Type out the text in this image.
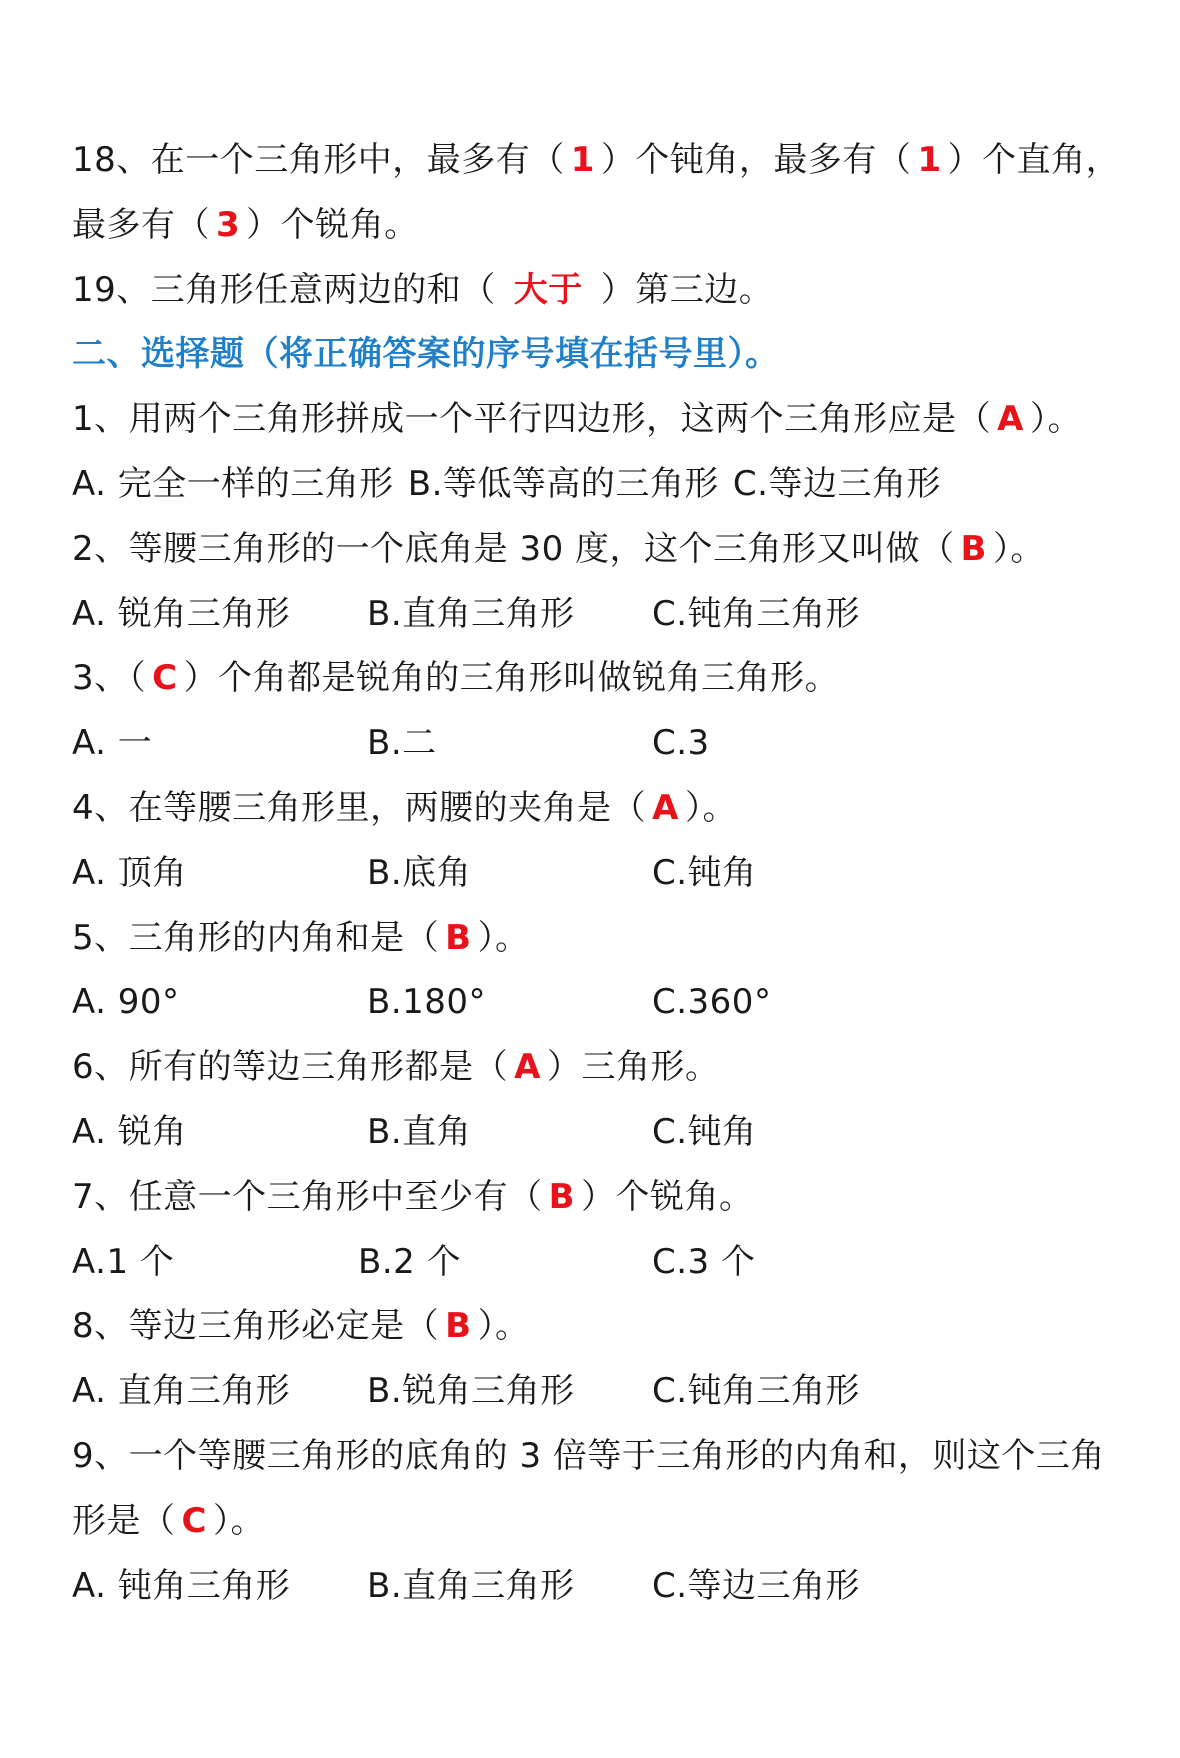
18、在一个三角形中，最多有（ 1 ）个钝角，最多有（ 1 ）个直角，
最多有（ 3 ）个锐角。
19、三角形任意两边的和（ 大于 ）第三边。
二、选择题（将正确答案的序号填在括号里）。
1、用两个三角形拼成一个平行四边形，这两个三角形应是（ A ）。
A. 完全一样的三角形 B.等低等高的三角形 C.等边三角形
2、等腰三角形的一个底角是 30 度，这个三角形又叫做（ B ）。
A. 锐角三角形	B.直角三角形	C.钝角三角形
3、（ C ）个角都是锐角的三角形叫做锐角三角形。
A. 一	B.二	C.3
4、在等腰三角形里，两腰的夹角是（ A ）。
A. 顶角	B.底角	C.钝角
5、三角形的内角和是（ B ）。
A. 90°	B.180°	C.360°
6、所有的等边三角形都是（ A ）三角形。
A. 锐角	B.直角	C.钝角
7、任意一个三角形中至少有（ B ）个锐角。
A.1 个	B.2 个	C.3 个
8、等边三角形必定是（ B ）。
A. 直角三角形	B.锐角三角形	C.钝角三角形
9、一个等腰三角形的底角的 3 倍等于三角形的内角和，则这个三角
形是（ C ）。
A. 钝角三角形	B.直角三角形	C.等边三角形
